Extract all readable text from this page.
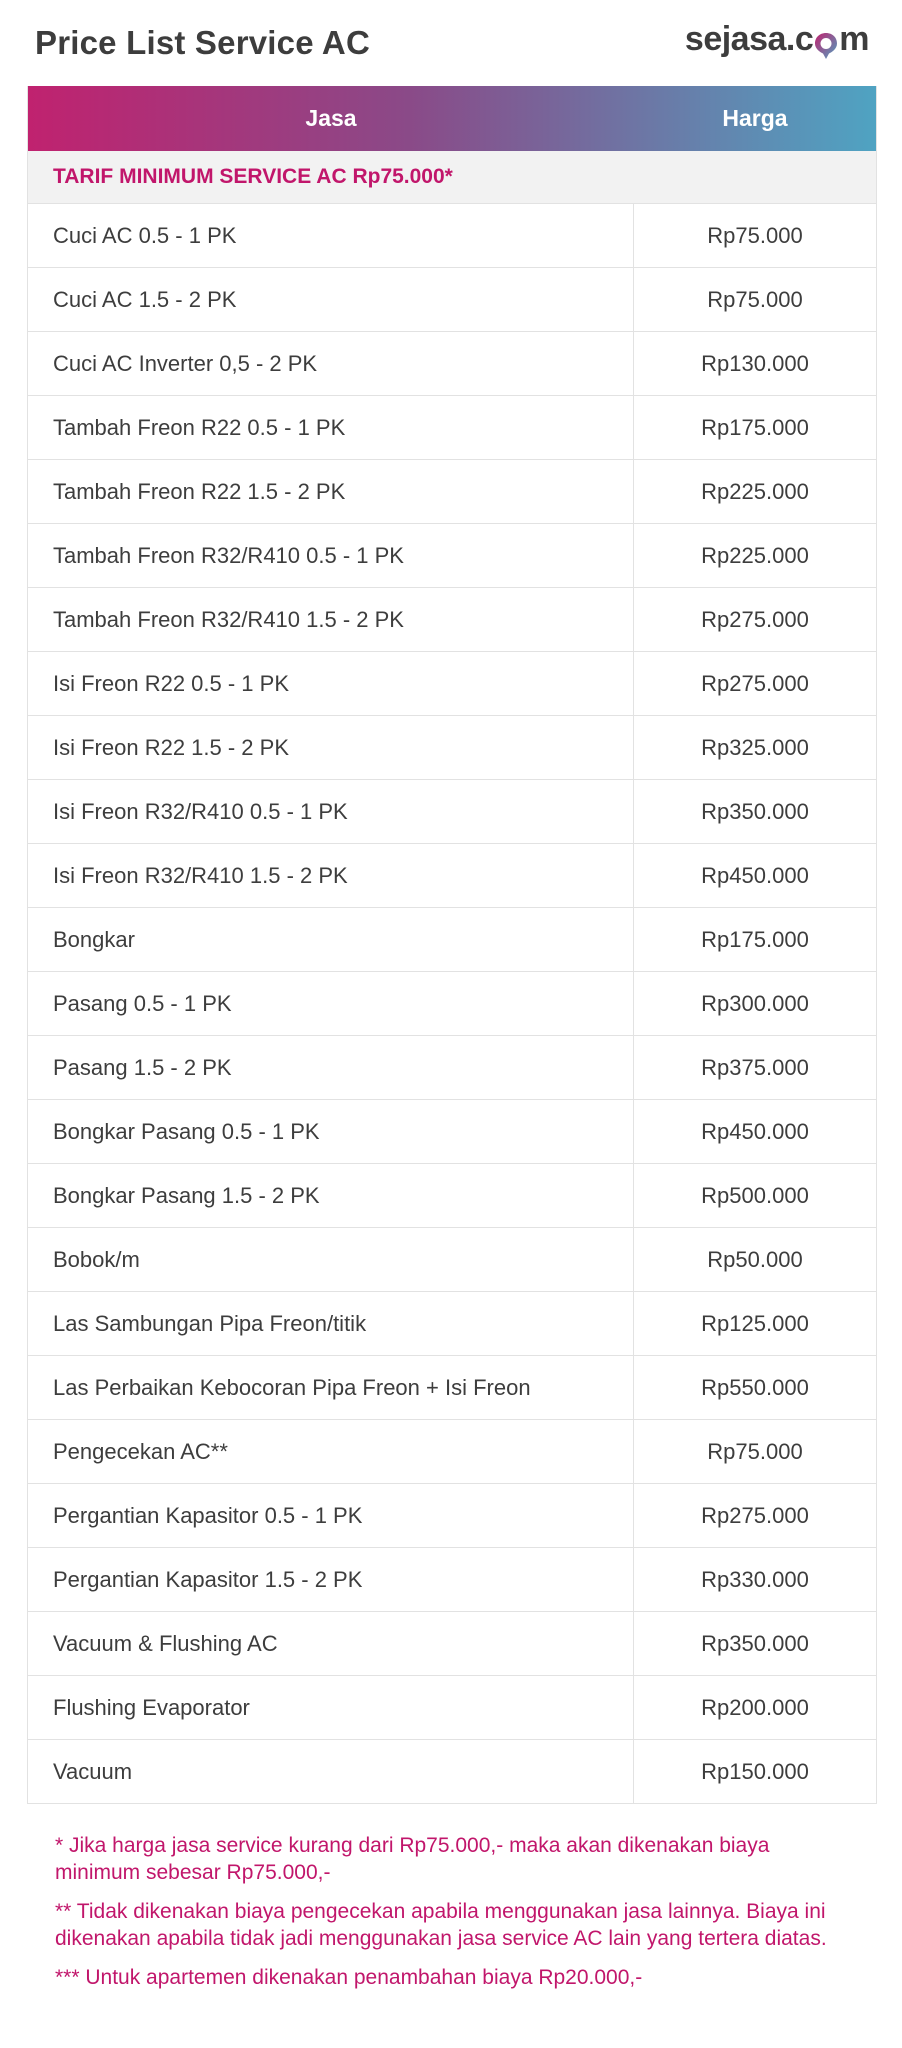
Price List Service AC	sejasa.c m
Jasa	Harga
TARIF MINIMUM SERVICE AC Rp75.000*
Cuci AC 0.5 - 1 PK	Rp75.000
Cuci AC 1.5 - 2 PK	Rp75.000
Cuci AC Inverter 0,5 - 2 PK	Rp130.000
Tambah Freon R22 0.5 - 1 PK	Rp175.000
Tambah Freon R22 1.5 - 2 PK	Rp225.000
Tambah Freon R32/R410 0.5 - 1 PK	Rp225.000
Tambah Freon R32/R410 1.5 - 2 PK	Rp275.000
Isi Freon R22 0.5 - 1 PK	Rp275.000
Isi Freon R22 1.5 - 2 PK	Rp325.000
Isi Freon R32/R410 0.5 - 1 PK	Rp350.000
Isi Freon R32/R410 1.5 - 2 PK	Rp450.000
Bongkar	Rp175.000
Pasang 0.5 - 1 PK	Rp300.000
Pasang 1.5 - 2 PK	Rp375.000
Bongkar Pasang 0.5 - 1 PK	Rp450.000
Bongkar Pasang 1.5 - 2 PK	Rp500.000
Bobok/m	Rp50.000
Las Sambungan Pipa Freon/titik	Rp125.000
Las Perbaikan Kebocoran Pipa Freon + Isi Freon	Rp550.000
Pengecekan AC**	Rp75.000
Pergantian Kapasitor 0.5 - 1 PK	Rp275.000
Pergantian Kapasitor 1.5 - 2 PK	Rp330.000
Vacuum & Flushing AC	Rp350.000
Flushing Evaporator	Rp200.000
Vacuum	Rp150.000

* Jika harga jasa service kurang dari Rp75.000,- maka akan dikenakan biaya minimum sebesar Rp75.000,-

** Tidak dikenakan biaya pengecekan apabila menggunakan jasa lainnya. Biaya ini dikenakan apabila tidak jadi menggunakan jasa service AC lain yang tertera diatas.

*** Untuk apartemen dikenakan penambahan biaya Rp20.000,-
